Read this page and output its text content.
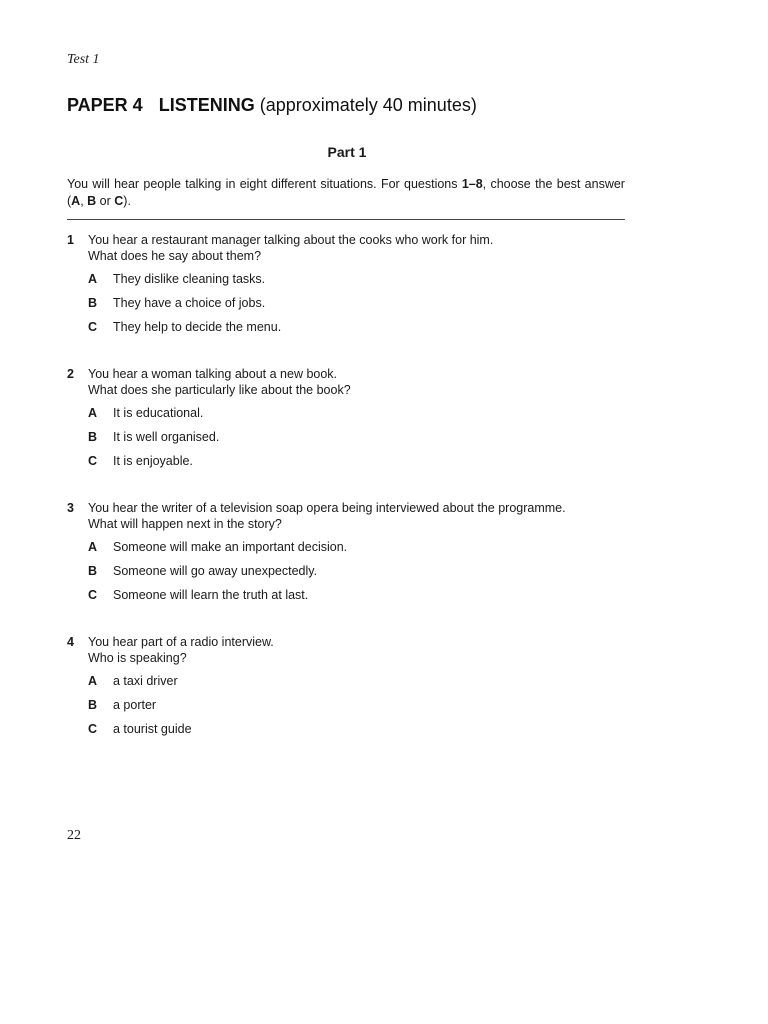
Test 1
PAPER 4 LISTENING (approximately 40 minutes)
Part 1
You will hear people talking in eight different situations. For questions 1–8, choose the best answer (A, B or C).
1 You hear a restaurant manager talking about the cooks who work for him.
What does he say about them?
A They dislike cleaning tasks.
B They have a choice of jobs.
C They help to decide the menu.
2 You hear a woman talking about a new book.
What does she particularly like about the book?
A It is educational.
B It is well organised.
C It is enjoyable.
3 You hear the writer of a television soap opera being interviewed about the programme.
What will happen next in the story?
A Someone will make an important decision.
B Someone will go away unexpectedly.
C Someone will learn the truth at last.
4 You hear part of a radio interview.
Who is speaking?
A a taxi driver
B a porter
C a tourist guide
22
